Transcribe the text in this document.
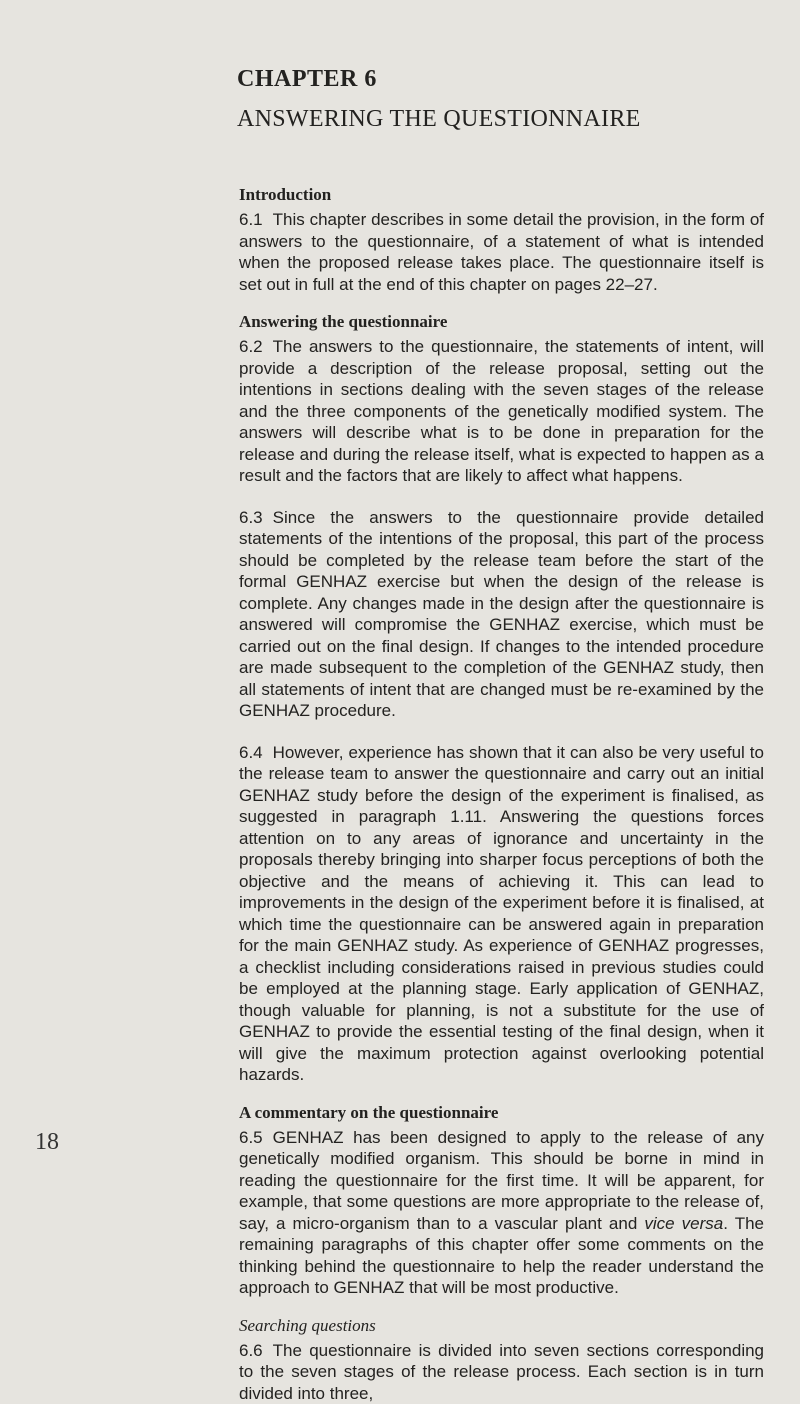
CHAPTER 6
ANSWERING THE QUESTIONNAIRE
Introduction

6.1 This chapter describes in some detail the provision, in the form of answers to the questionnaire, of a statement of what is intended when the proposed release takes place. The questionnaire itself is set out in full at the end of this chapter on pages 22–27.

Answering the questionnaire

6.2 The answers to the questionnaire, the statements of intent, will provide a description of the release proposal, setting out the intentions in sections dealing with the seven stages of the release and the three components of the genetically modified system. The answers will describe what is to be done in preparation for the release and during the release itself, what is expected to happen as a result and the factors that are likely to affect what happens.

6.3 Since the answers to the questionnaire provide detailed statements of the intentions of the proposal, this part of the process should be completed by the release team before the start of the formal GENHAZ exercise but when the design of the release is complete. Any changes made in the design after the questionnaire is answered will compromise the GENHAZ exercise, which must be carried out on the final design. If changes to the intended procedure are made subsequent to the completion of the GENHAZ study, then all statements of intent that are changed must be re-examined by the GENHAZ procedure.

6.4 However, experience has shown that it can also be very useful to the release team to answer the questionnaire and carry out an initial GENHAZ study before the design of the experiment is finalised, as suggested in paragraph 1.11. Answering the questions forces attention on to any areas of ignorance and uncertainty in the proposals thereby bringing into sharper focus perceptions of both the objective and the means of achieving it. This can lead to improvements in the design of the experiment before it is finalised, at which time the questionnaire can be answered again in preparation for the main GENHAZ study. As experience of GENHAZ progresses, a checklist including considerations raised in previous studies could be employed at the planning stage. Early application of GENHAZ, though valuable for planning, is not a substitute for the use of GENHAZ to provide the essential testing of the final design, when it will give the maximum protection against overlooking potential hazards.

A commentary on the questionnaire

6.5 GENHAZ has been designed to apply to the release of any genetically modified organism. This should be borne in mind in reading the questionnaire for the first time. It will be apparent, for example, that some questions are more appropriate to the release of, say, a micro-organism than to a vascular plant and vice versa. The remaining paragraphs of this chapter offer some comments on the thinking behind the questionnaire to help the reader understand the approach to GENHAZ that will be most productive.

Searching questions

6.6 The questionnaire is divided into seven sections corresponding to the seven stages of the release process. Each section is in turn divided into three,

18
